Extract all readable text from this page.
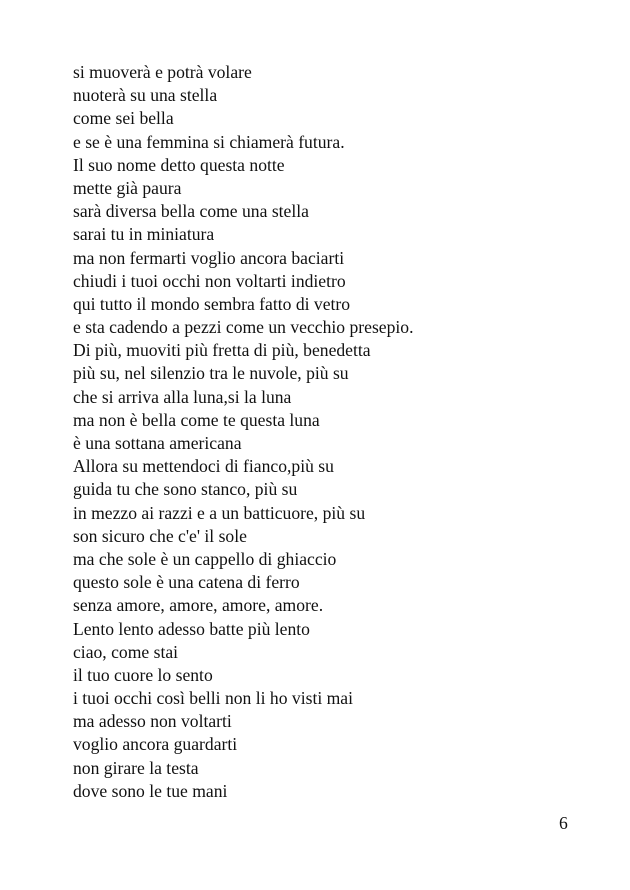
si muoverà e potrà volare
nuoterà su una stella
come sei bella
e se è una femmina si chiamerà futura.
Il suo nome detto questa notte
mette già paura
sarà diversa bella come una stella
sarai tu in miniatura
ma non fermarti voglio ancora baciarti
chiudi i tuoi occhi non voltarti indietro
qui tutto il mondo sembra fatto di vetro
e sta cadendo a pezzi come un vecchio presepio.
Di più, muoviti più fretta di più, benedetta
più su, nel silenzio tra le nuvole, più su
che si arriva alla luna,si la luna
ma non è bella come te questa luna
è una sottana americana
Allora su mettendoci di fianco,più su
guida tu che sono stanco, più su
in mezzo ai razzi e a un batticuore, più su
son sicuro che c'e' il sole
ma che sole è un cappello di ghiaccio
questo sole è una catena di ferro
senza amore, amore, amore, amore.
Lento lento adesso batte più lento
ciao, come stai
il tuo cuore lo sento
i tuoi occhi così belli non li ho visti mai
ma adesso non voltarti
voglio ancora guardarti
non girare la testa
dove sono le tue mani
6
